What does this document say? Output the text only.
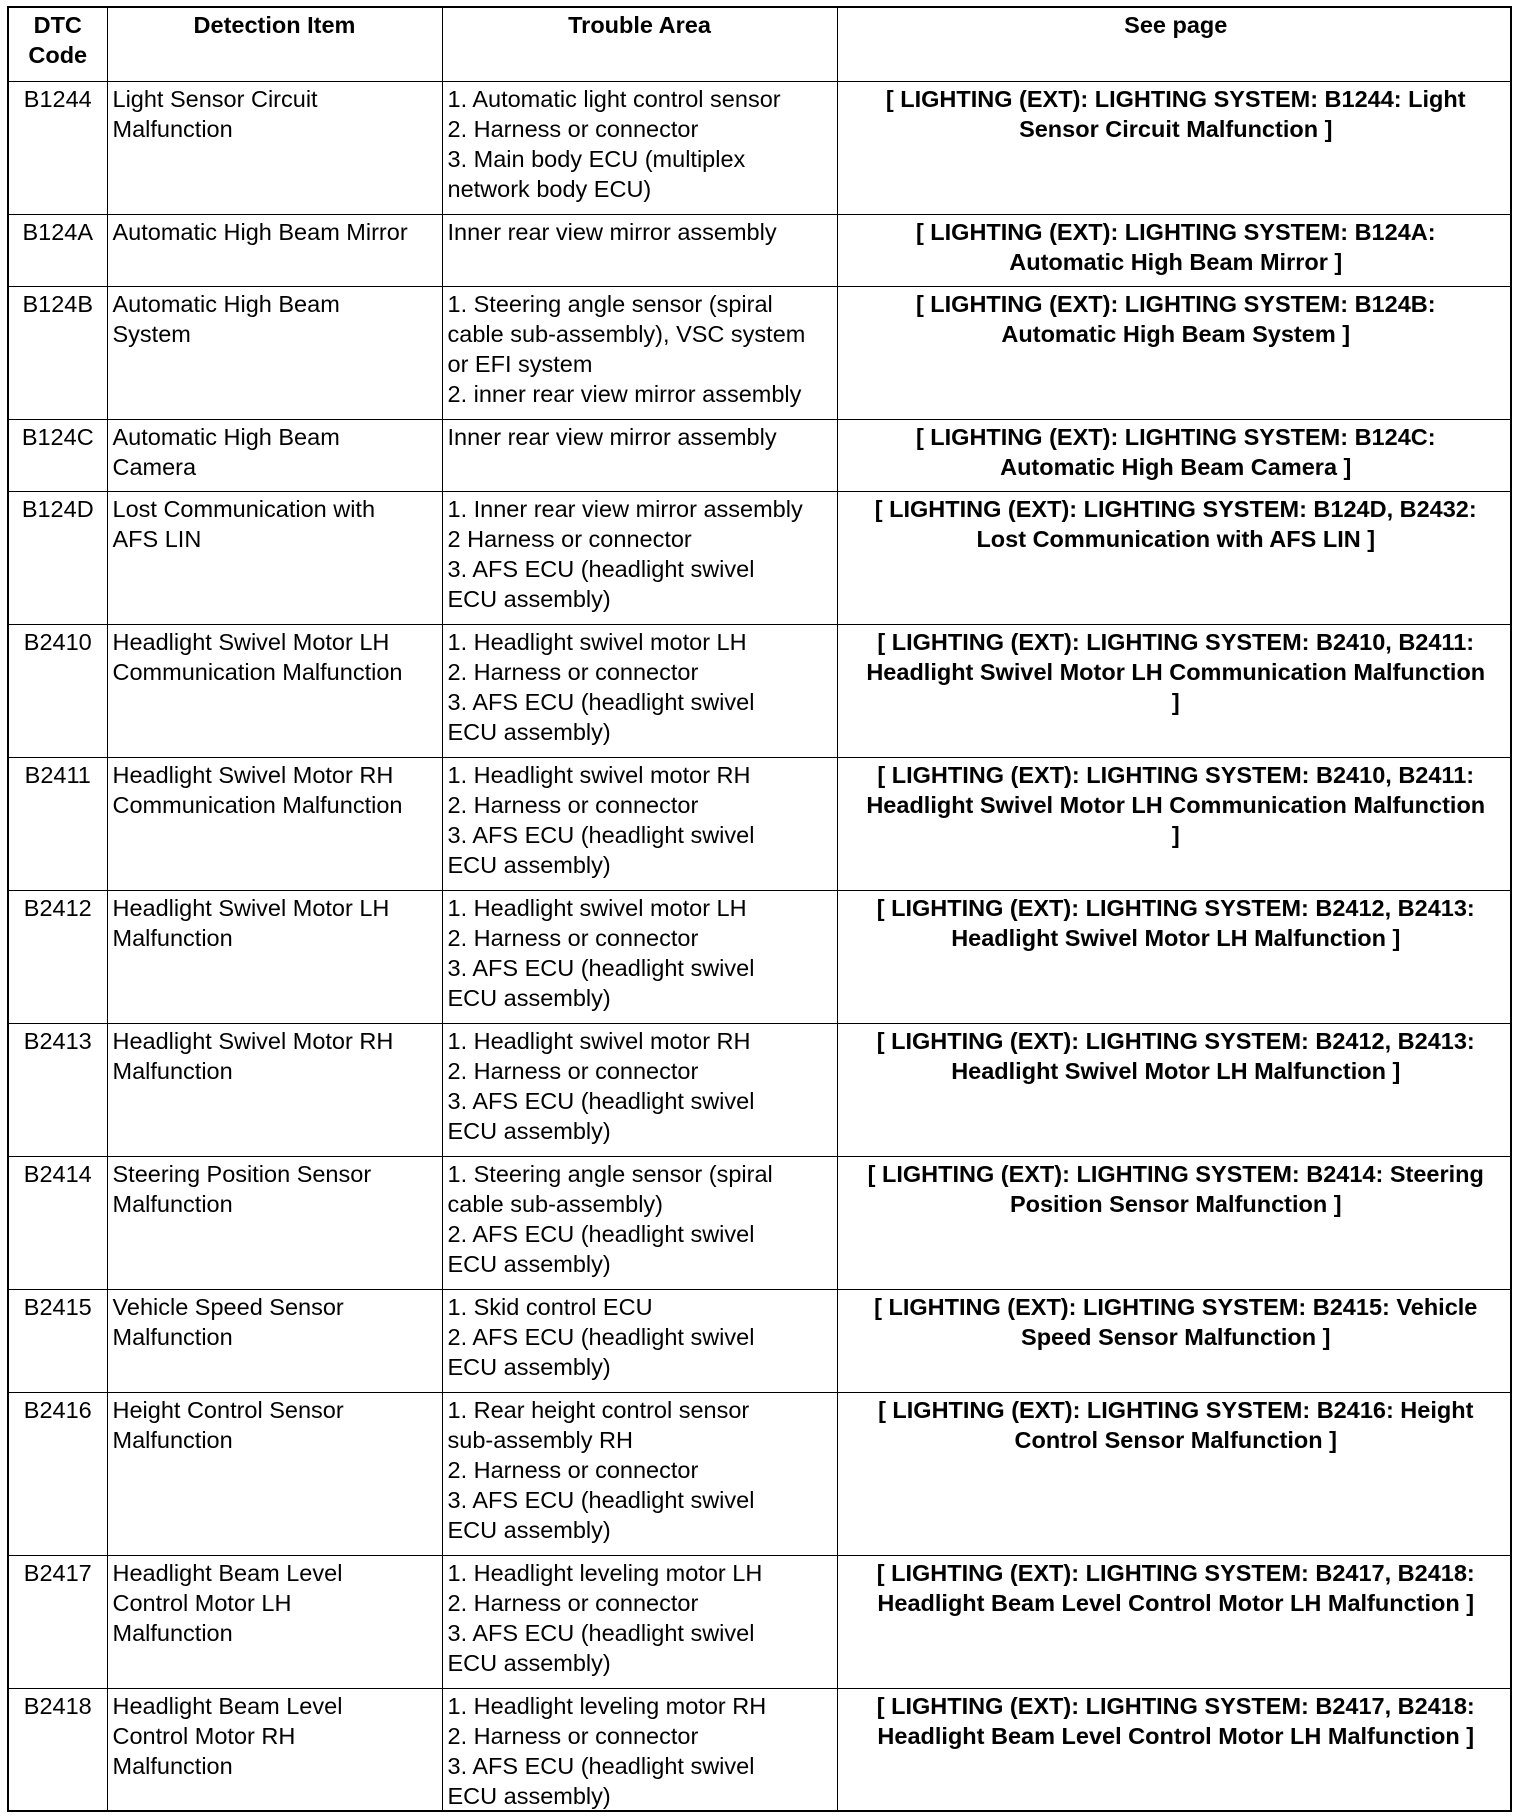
DTC
Code	Detection Item	Trouble Area	See page
B1244	Light Sensor Circuit
Malfunction	1. Automatic light control sensor
2. Harness or connector
3. Main body ECU (multiplex
network body ECU)	[ LIGHTING (EXT): LIGHTING SYSTEM: B1244: Light
Sensor Circuit Malfunction ]

B124A	Automatic High Beam Mirror	Inner rear view mirror assembly	[ LIGHTING (EXT): LIGHTING SYSTEM: B124A:
Automatic High Beam Mirror ]

B124B	Automatic High Beam
System	1. Steering angle sensor (spiral
cable sub-assembly), VSC system
or EFI system
2. inner rear view mirror assembly	[ LIGHTING (EXT): LIGHTING SYSTEM: B124B:
Automatic High Beam System ]

B124C	Automatic High Beam
Camera	Inner rear view mirror assembly	[ LIGHTING (EXT): LIGHTING SYSTEM: B124C:
Automatic High Beam Camera ]

B124D	Lost Communication with
AFS LIN	1. Inner rear view mirror assembly
2 Harness or connector
3. AFS ECU (headlight swivel
ECU assembly)	[ LIGHTING (EXT): LIGHTING SYSTEM: B124D, B2432:
Lost Communication with AFS LIN ]

B2410	Headlight Swivel Motor LH
Communication Malfunction	1. Headlight swivel motor LH
2. Harness or connector
3. AFS ECU (headlight swivel
ECU assembly)	[ LIGHTING (EXT): LIGHTING SYSTEM: B2410, B2411:
Headlight Swivel Motor LH Communication Malfunction
]

B2411	Headlight Swivel Motor RH
Communication Malfunction	1. Headlight swivel motor RH
2. Harness or connector
3. AFS ECU (headlight swivel
ECU assembly)	[ LIGHTING (EXT): LIGHTING SYSTEM: B2410, B2411:
Headlight Swivel Motor LH Communication Malfunction
]

B2412	Headlight Swivel Motor LH
Malfunction	1. Headlight swivel motor LH
2. Harness or connector
3. AFS ECU (headlight swivel
ECU assembly)	[ LIGHTING (EXT): LIGHTING SYSTEM: B2412, B2413:
Headlight Swivel Motor LH Malfunction ]

B2413	Headlight Swivel Motor RH
Malfunction	1. Headlight swivel motor RH
2. Harness or connector
3. AFS ECU (headlight swivel
ECU assembly)	[ LIGHTING (EXT): LIGHTING SYSTEM: B2412, B2413:
Headlight Swivel Motor LH Malfunction ]

B2414	Steering Position Sensor
Malfunction	1. Steering angle sensor (spiral
cable sub-assembly)
2. AFS ECU (headlight swivel
ECU assembly)	[ LIGHTING (EXT): LIGHTING SYSTEM: B2414: Steering
Position Sensor Malfunction ]

B2415	Vehicle Speed Sensor
Malfunction	1. Skid control ECU
2. AFS ECU (headlight swivel
ECU assembly)	[ LIGHTING (EXT): LIGHTING SYSTEM: B2415: Vehicle
Speed Sensor Malfunction ]

B2416	Height Control Sensor
Malfunction	1. Rear height control sensor
sub-assembly RH
2. Harness or connector
3. AFS ECU (headlight swivel
ECU assembly)	[ LIGHTING (EXT): LIGHTING SYSTEM: B2416: Height
Control Sensor Malfunction ]

B2417	Headlight Beam Level
Control Motor LH
Malfunction	1. Headlight leveling motor LH
2. Harness or connector
3. AFS ECU (headlight swivel
ECU assembly)	[ LIGHTING (EXT): LIGHTING SYSTEM: B2417, B2418:
Headlight Beam Level Control Motor LH Malfunction ]

B2418	Headlight Beam Level
Control Motor RH
Malfunction	1. Headlight leveling motor RH
2. Harness or connector
3. AFS ECU (headlight swivel
ECU assembly)	[ LIGHTING (EXT): LIGHTING SYSTEM: B2417, B2418:
Headlight Beam Level Control Motor LH Malfunction ]
